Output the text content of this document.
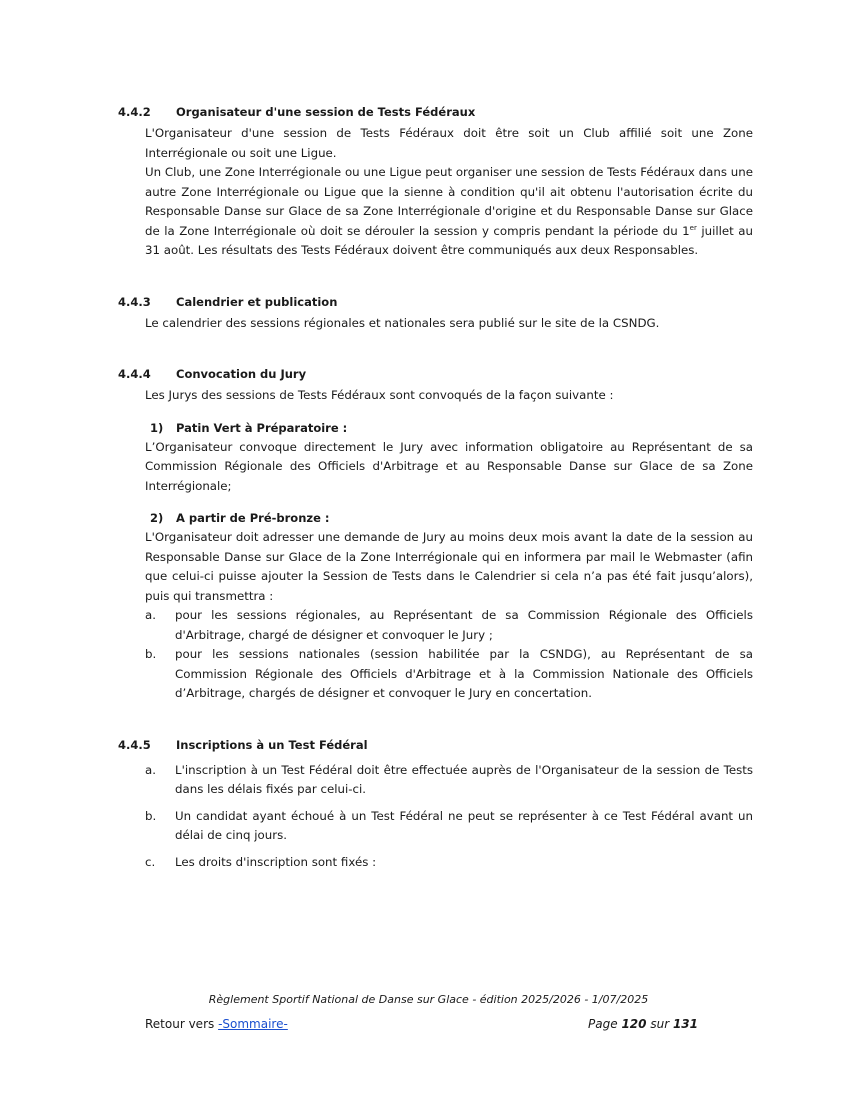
4.4.2	Organisateur d'une session de Tests Fédéraux

L'Organisateur d'une session de Tests Fédéraux doit être soit un Club affilié soit une Zone Interrégionale ou soit une Ligue.

Un Club, une Zone Interrégionale ou une Ligue peut organiser une session de Tests Fédéraux dans une autre Zone Interrégionale ou Ligue que la sienne à condition qu'il ait obtenu l'autorisation écrite du Responsable Danse sur Glace de sa Zone Interrégionale d'origine et du Responsable Danse sur Glace de la Zone Interrégionale où doit se dérouler la session y compris pendant la période du 1er juillet au 31 août. Les résultats des Tests Fédéraux doivent être communiqués aux deux Responsables.

4.4.3	Calendrier et publication

Le calendrier des sessions régionales et nationales sera publié sur le site de la CSNDG.

4.4.4	Convocation du Jury

Les Jurys des sessions de Tests Fédéraux sont convoqués de la façon suivante :

1)	Patin Vert à Préparatoire :

L’Organisateur convoque directement le Jury avec information obligatoire au Représentant de sa Commission Régionale des Officiels d'Arbitrage et au Responsable Danse sur Glace de sa Zone Interrégionale;

2)	A partir de Pré-bronze :

L'Organisateur doit adresser une demande de Jury au moins deux mois avant la date de la session au Responsable Danse sur Glace de la Zone Interrégionale qui en informera par mail le Webmaster (afin que celui-ci puisse ajouter la Session de Tests dans le Calendrier si cela n’a pas été fait jusqu’alors), puis qui transmettra :

a.	pour les sessions régionales, au Représentant de sa Commission Régionale des Officiels d'Arbitrage, chargé de désigner et convoquer le Jury ;
b.	pour les sessions nationales (session habilitée par la CSNDG), au Représentant de sa Commission Régionale des Officiels d'Arbitrage et à la Commission Nationale des Officiels d’Arbitrage, chargés de désigner et convoquer le Jury en concertation.
4.4.5	Inscriptions à un Test Fédéral
a.	L'inscription à un Test Fédéral doit être effectuée auprès de l'Organisateur de la session de Tests dans les délais fixés par celui-ci.
b.	Un candidat ayant échoué à un Test Fédéral ne peut se représenter à ce Test Fédéral avant un délai de cinq jours.
c.	Les droits d'inscription sont fixés :
Règlement Sportif National de Danse sur Glace - édition 2025/2026 - 1/07/2025
Retour vers -Sommaire-	Page 120 sur 131
